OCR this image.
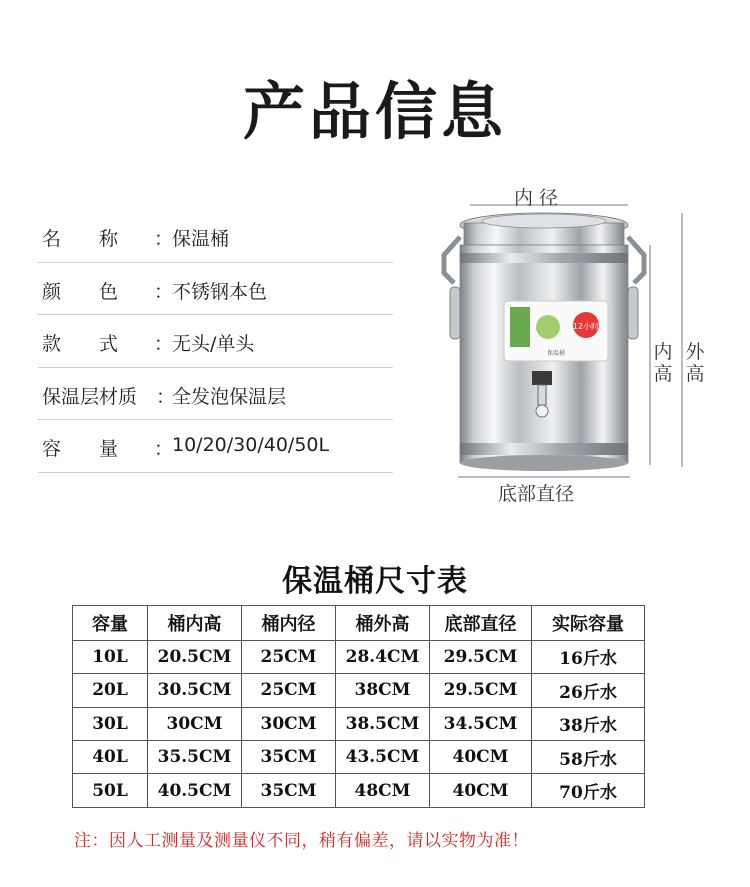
产品信息
名　　称 ：
保温桶
颜　　色 ：
不锈钢本色
款　　式 ：
无头/单头
保温层材质 ：
全发泡保温层
容　　量 ：
10/20/30/40/50L
12小时
保温桶
内 径
内
高
外
高
底部直径
保温桶尺寸表
容量	桶内高	桶内径	桶外高	底部直径	实际容量
10L	20.5CM	25CM	28.4CM	29.5CM	16斤水
20L	30.5CM	25CM	38CM	29.5CM	26斤水
30L	30CM	30CM	38.5CM	34.5CM	38斤水
40L	35.5CM	35CM	43.5CM	40CM	58斤水
50L	40.5CM	35CM	48CM	40CM	70斤水
注：因人工测量及测量仪不同，稍有偏差，请以实物为准！
